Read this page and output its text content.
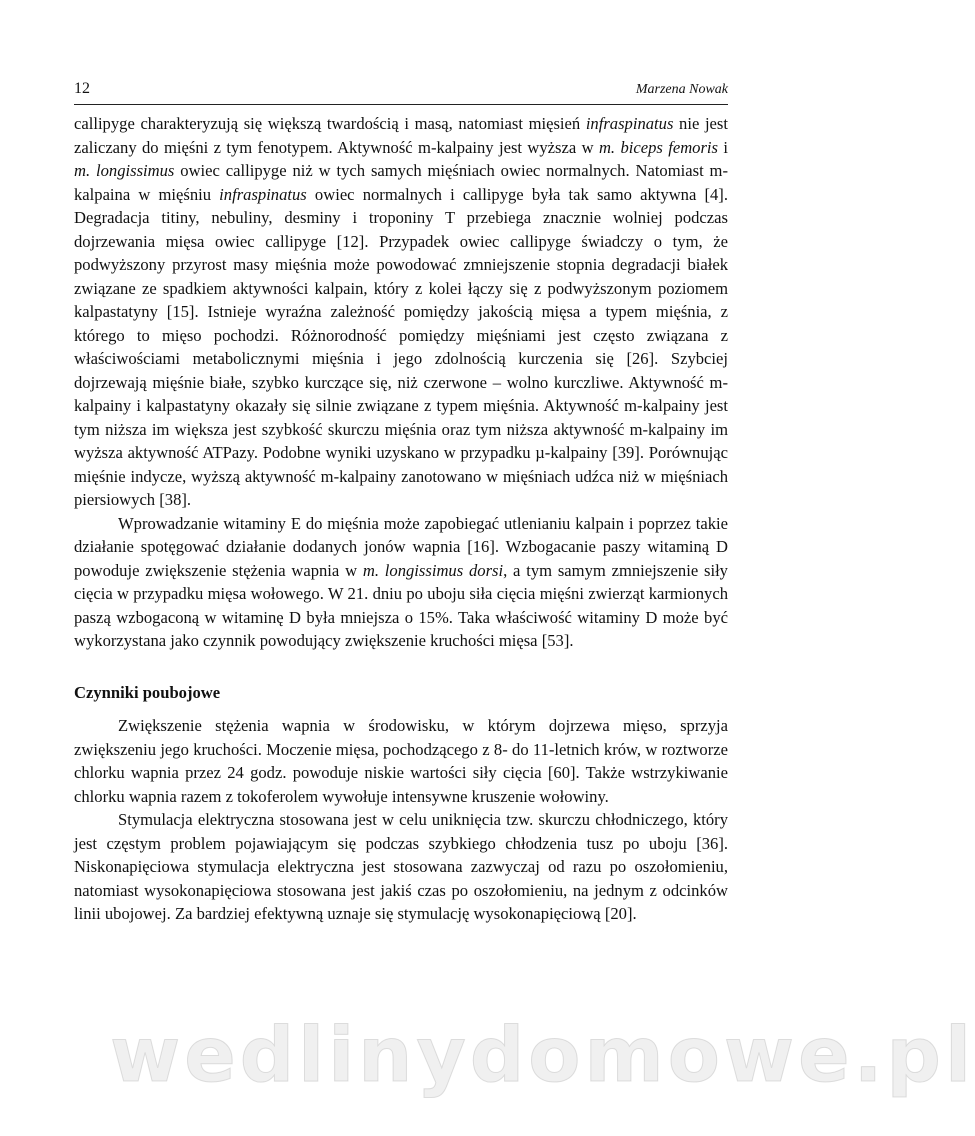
12	Marzena Nowak

callipyge charakteryzują się większą twardością i masą, natomiast mięsień infraspinatus nie jest zaliczany do mięśni z tym fenotypem. Aktywność m-kalpainy jest wyższa w m. biceps femoris i m. longissimus owiec callipyge niż w tych samych mięśniach owiec normalnych. Natomiast m-kalpaina w mięśniu infraspinatus owiec normalnych i callipyge była tak samo aktywna [4]. Degradacja titiny, nebuliny, desminy i troponiny T przebiega znacznie wolniej podczas dojrzewania mięsa owiec callipyge [12]. Przypadek owiec callipyge świadczy o tym, że podwyższony przyrost masy mięśnia może powodować zmniejszenie stopnia degradacji białek związane ze spadkiem aktywności kalpain, który z kolei łączy się z podwyższonym poziomem kalpastatyny [15]. Istnieje wyraźna zależność pomiędzy jakością mięsa a typem mięśnia, z którego to mięso pochodzi. Różnorodność pomiędzy mięśniami jest często związana z właściwościami metabolicznymi mięśnia i jego zdolnością kurczenia się [26]. Szybciej dojrzewają mięśnie białe, szybko kurczące się, niż czerwone – wolno kurczliwe. Aktywność m-kalpainy i kalpastatyny okazały się silnie związane z typem mięśnia. Aktywność m-kalpainy jest tym niższa im większa jest szybkość skurczu mięśnia oraz tym niższa aktywność m-kalpainy im wyższa aktywność ATPazy. Podobne wyniki uzyskano w przypadku µ-kalpainy [39]. Porównując mięśnie indycze, wyższą aktywność m-kalpainy zanotowano w mięśniach udźca niż w mięśniach piersiowych [38].

Wprowadzanie witaminy E do mięśnia może zapobiegać utlenianiu kalpain i poprzez takie działanie spotęgować działanie dodanych jonów wapnia [16]. Wzbogacanie paszy witaminą D powoduje zwiększenie stężenia wapnia w m. longissimus dorsi, a tym samym zmniejszenie siły cięcia w przypadku mięsa wołowego. W 21. dniu po uboju siła cięcia mięśni zwierząt karmionych paszą wzbogaconą w witaminę D była mniejsza o 15%. Taka właściwość witaminy D może być wykorzystana jako czynnik powodujący zwiększenie kruchości mięsa [53].

Czynniki poubojowe

Zwiększenie stężenia wapnia w środowisku, w którym dojrzewa mięso, sprzyja zwiększeniu jego kruchości. Moczenie mięsa, pochodzącego z 8- do 11-letnich krów, w roztworze chlorku wapnia przez 24 godz. powoduje niskie wartości siły cięcia [60]. Także wstrzykiwanie chlorku wapnia razem z tokoferolem wywołuje intensywne kruszenie wołowiny.

Stymulacja elektryczna stosowana jest w celu uniknięcia tzw. skurczu chłodniczego, który jest częstym problem pojawiającym się podczas szybkiego chłodzenia tusz po uboju [36]. Niskonapięciowa stymulacja elektryczna jest stosowana zazwyczaj od razu po oszołomieniu, natomiast wysokonapięciowa stosowana jest jakiś czas po oszołomieniu, na jednym z odcinków linii ubojowej. Za bardziej efektywną uznaje się stymulację wysokonapięciową [20].

wedlinydomowe.pl
